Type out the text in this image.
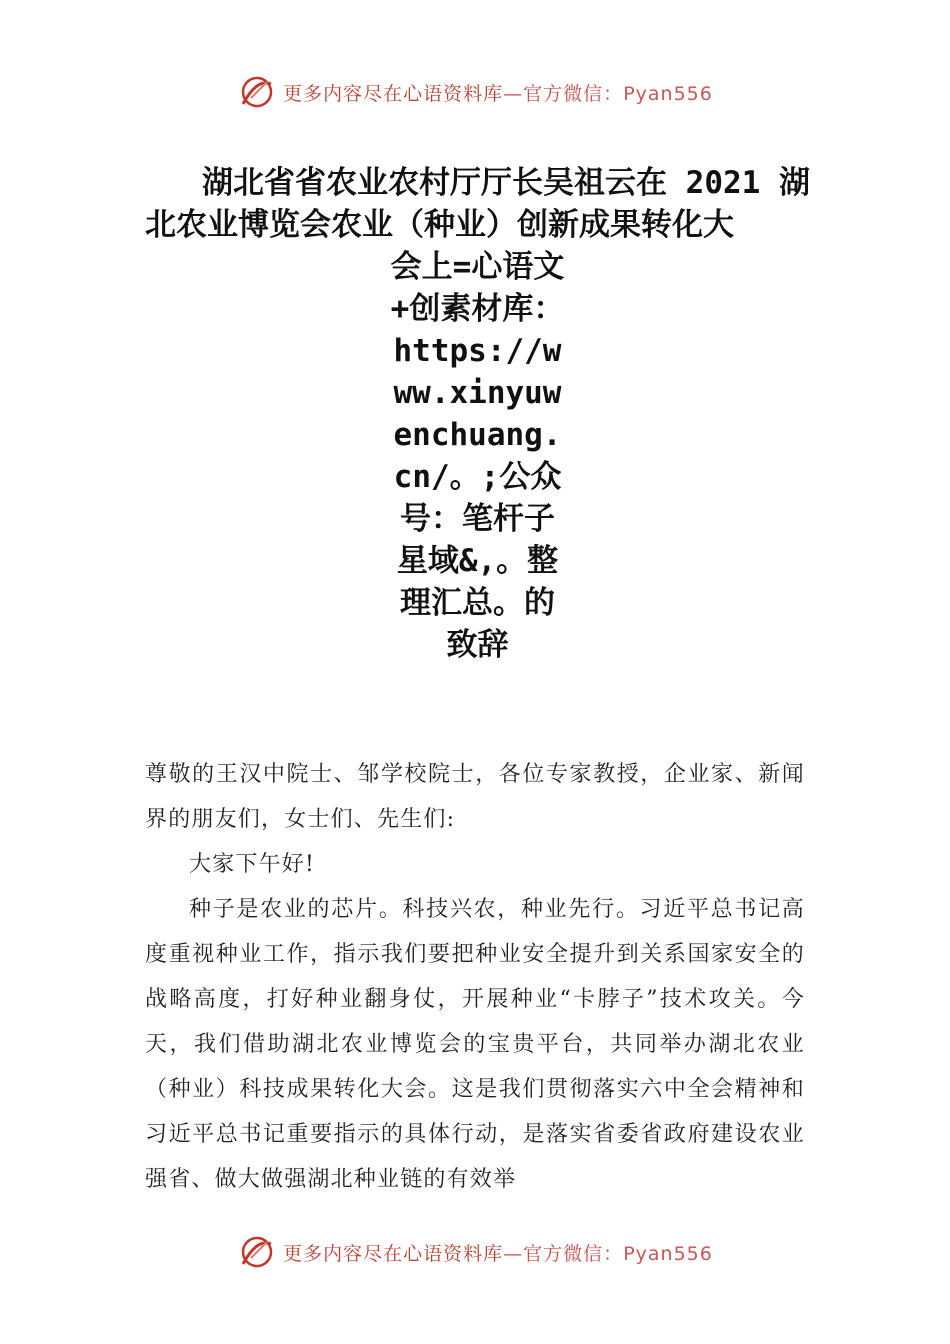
更多内容尽在心语资料库—官方微信：Pyan556
湖北省省农业农村厅厅长吴祖云在 2021 湖
北农业博览会农业（种业）创新成果转化大
会上=心语文+创素材库：https://www.xinyuwenchuang.cn/。;公众号：笔杆子星域&,。整理汇总。的致辞

尊敬的王汉中院士、邹学校院士，各位专家教授，企业家、新闻界的朋友们，女士们、先生们:

大家下午好!

种子是农业的芯片。科技兴农，种业先行。习近平总书记高度重视种业工作，指示我们要把种业安全提升到关系国家安全的战略高度，打好种业翻身仗，开展种业“卡脖子”技术攻关。今天，我们借助湖北农业博览会的宝贵平台，共同举办湖北农业（种业）科技成果转化大会。这是我们贯彻落实六中全会精神和习近平总书记重要指示的具体行动，是落实省委省政府建设农业强省、做大做强湖北种业链的有效举

更多内容尽在心语资料库—官方微信：Pyan556
